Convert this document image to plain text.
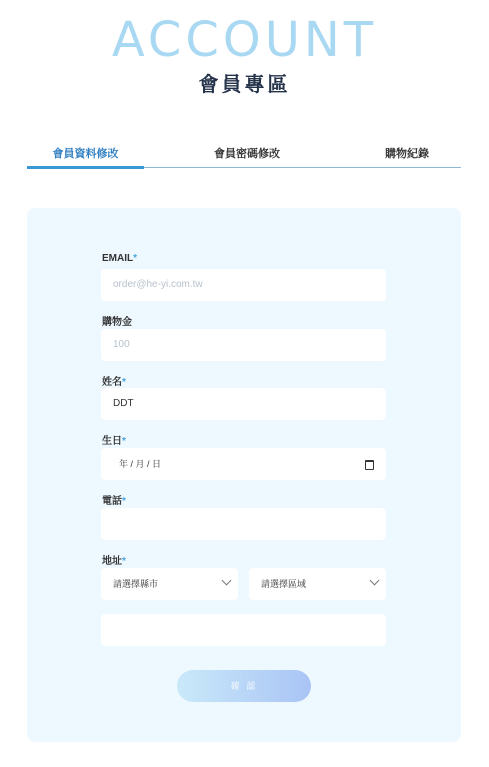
ACCOUNT
會員專區
會員資料修改	會員密碼修改	購物紀錄
EMAIL*
order@he-yi.com.tw
購物金
100
姓名*
DDT
生日*
年 / 月 / 日
電話*
地址*
請選擇縣市	請選擇區域
確 認
